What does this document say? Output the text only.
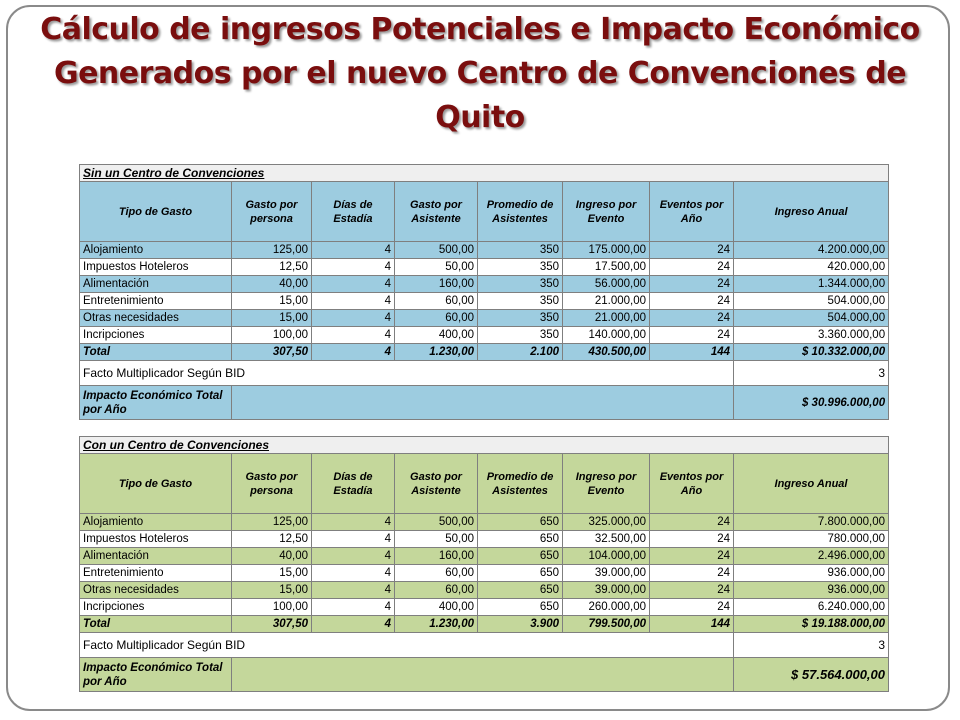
Cálculo de ingresos Potenciales e Impacto Económico
Generados por el nuevo Centro de Convenciones de
Quito
Sin un Centro de Convenciones							
Tipo de Gasto	Gasto por persona	Días de Estadía	Gasto por Asistente	Promedio de Asistentes	Ingreso por Evento	Eventos por Año	Ingreso Anual
Alojamiento	125,00	4	500,00	350	175.000,00	24	4.200.000,00
Impuestos Hoteleros	12,50	4	50,00	350	17.500,00	24	420.000,00
Alimentación	40,00	4	160,00	350	56.000,00	24	1.344.000,00
Entretenimiento	15,00	4	60,00	350	21.000,00	24	504.000,00
Otras necesidades	15,00	4	60,00	350	21.000,00	24	504.000,00
Incripciones	100,00	4	400,00	350	140.000,00	24	3.360.000,00
Total	307,50	4	1.230,00	2.100	430.500,00	144	$ 10.332.000,00
Facto Multiplicador Según BID							3
Impacto Económico Total por Año							$ 30.996.000,00
Con un Centro de Convenciones							
Tipo de Gasto	Gasto por persona	Días de Estadía	Gasto por Asistente	Promedio de Asistentes	Ingreso por Evento	Eventos por Año	Ingreso Anual
Alojamiento	125,00	4	500,00	650	325.000,00	24	7.800.000,00
Impuestos Hoteleros	12,50	4	50,00	650	32.500,00	24	780.000,00
Alimentación	40,00	4	160,00	650	104.000,00	24	2.496.000,00
Entretenimiento	15,00	4	60,00	650	39.000,00	24	936.000,00
Otras necesidades	15,00	4	60,00	650	39.000,00	24	936.000,00
Incripciones	100,00	4	400,00	650	260.000,00	24	6.240.000,00
Total	307,50	4	1.230,00	3.900	799.500,00	144	$ 19.188.000,00
Facto Multiplicador Según BID							3
Impacto Económico Total por Año							$ 57.564.000,00
